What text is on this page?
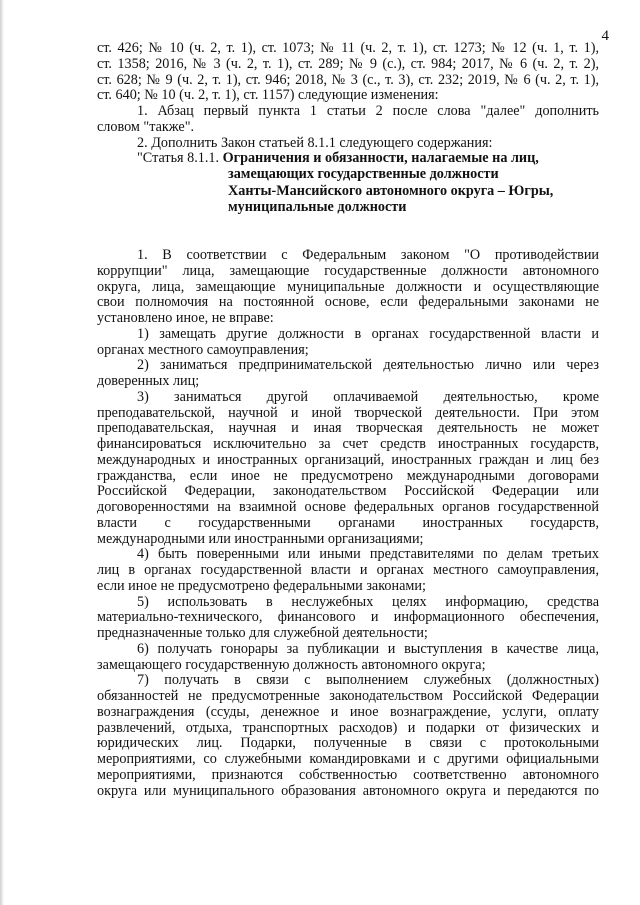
4
ст. 426; № 10 (ч. 2, т. 1), ст. 1073; № 11 (ч. 2, т. 1), ст. 1273; № 12 (ч. 1, т. 1),
ст. 1358; 2016, № 3 (ч. 2, т. 1), ст. 289; № 9 (с.), ст. 984; 2017, № 6 (ч. 2, т. 2),
ст. 628; № 9 (ч. 2, т. 1), ст. 946; 2018, № 3 (с., т. 3), ст. 232; 2019, № 6 (ч. 2, т. 1),
ст. 640; № 10 (ч. 2, т. 1), ст. 1157) следующие изменения:
1. Абзац первый пункта 1 статьи 2 после слова "далее" дополнить
словом "также".
2. Дополнить Закон статьей 8.1.1 следующего содержания:
"Статья 8.1.1. Ограничения и обязанности, налагаемые на лиц,
замещающих государственные должности
Ханты-Мансийского автономного округа – Югры,
муниципальные должности
1. В соответствии с Федеральным законом "О противодействии
коррупции" лица, замещающие государственные должности автономного
округа, лица, замещающие муниципальные должности и осуществляющие
свои полномочия на постоянной основе, если федеральными законами не
установлено иное, не вправе:
1) замещать другие должности в органах государственной власти и
органах местного самоуправления;
2) заниматься предпринимательской деятельностью лично или через
доверенных лиц;
3) заниматься другой оплачиваемой деятельностью, кроме
преподавательской, научной и иной творческой деятельности. При этом
преподавательская, научная и иная творческая деятельность не может
финансироваться исключительно за счет средств иностранных государств,
международных и иностранных организаций, иностранных граждан и лиц без
гражданства, если иное не предусмотрено международными договорами
Российской Федерации, законодательством Российской Федерации или
договоренностями на взаимной основе федеральных органов государственной
власти с государственными органами иностранных государств,
международными или иностранными организациями;
4) быть поверенными или иными представителями по делам третьих
лиц в органах государственной власти и органах местного самоуправления,
если иное не предусмотрено федеральными законами;
5) использовать в неслужебных целях информацию, средства
материально-технического, финансового и информационного обеспечения,
предназначенные только для служебной деятельности;
6) получать гонорары за публикации и выступления в качестве лица,
замещающего государственную должность автономного округа;
7) получать в связи с выполнением служебных (должностных)
обязанностей не предусмотренные законодательством Российской Федерации
вознаграждения (ссуды, денежное и иное вознаграждение, услуги, оплату
развлечений, отдыха, транспортных расходов) и подарки от физических и
юридических лиц. Подарки, полученные в связи с протокольными
мероприятиями, со служебными командировками и с другими официальными
мероприятиями, признаются собственностью соответственно автономного
округа или муниципального образования автономного округа и передаются по
